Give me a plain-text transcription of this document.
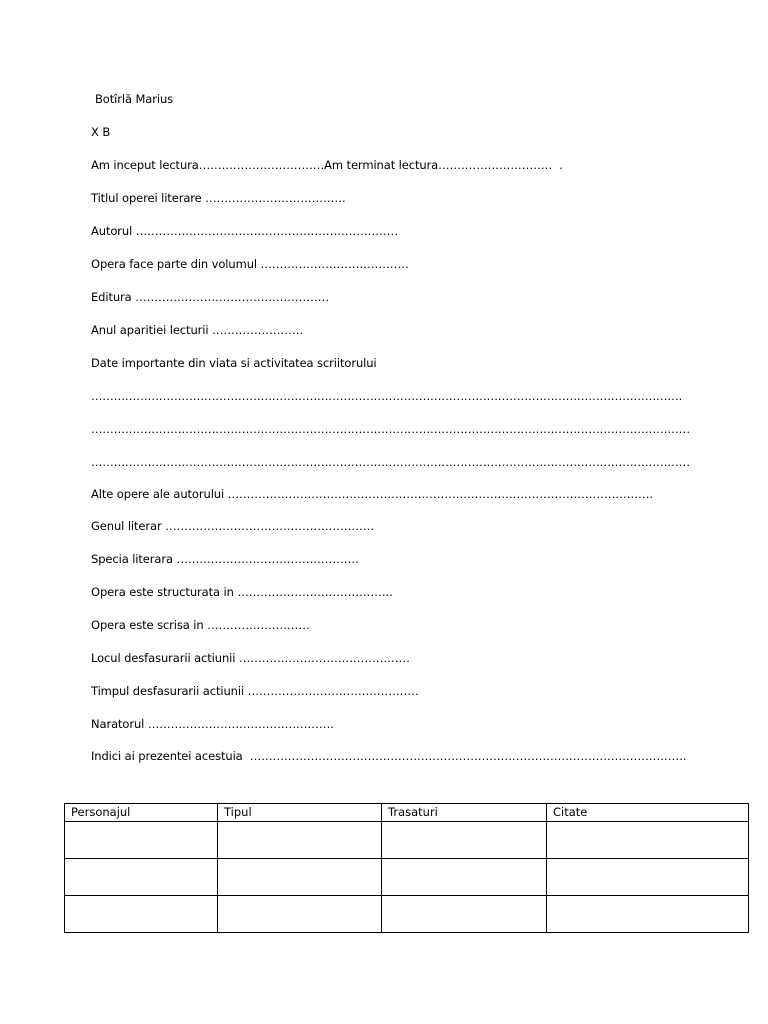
Botîrlă Marius
X B
Am inceput lectura……………………………Am terminat lectura…………………………  .
Titlul operei literare ……………………………….
Autorul ……………………………………………………………
Opera face parte din volumul …………………………………
Editura ……………………………………………
Anul aparitiei lecturii ……………………
Date importante din viata si activitatea scriitorului
………………………………………………………………………………………………………………………………………….
……………………………………………………………………………………………………………………………………………
……………………………………………………………………………………………………………………………………………
Alte opere ale autorului ………………………………………………………………………………………………….
Genul literar ……………………………………………….
Specia literara …………………………………………
Opera este structurata in …………………………………..
Opera este scrisa in ………………………
Locul desfasurarii actiunii ………………………………………
Timpul desfasurarii actiunii ………………………………………
Naratorul ………………………………………….
Indici ai prezentei acestuia  …………………………………………………………………………………………………….
Personajul	Tipul	Trasaturi	Citate
